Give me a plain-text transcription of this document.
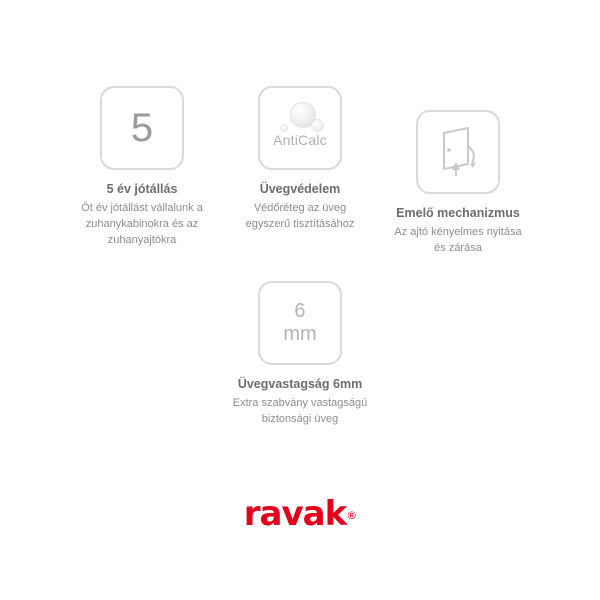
5
5 év jótállás
Öt év jótállást vállalunk a zuhanykabinokra és az zuhanyajtókra
AntiCalc
Üvegvédelem
Védőréteg az üveg egyszerű tisztításához
Emelő mechanizmus
Az ajtó kényelmes nyitása és zárása
6
mm
Üvegvastagság 6mm
Extra szabvány vastagságú biztonsági üveg
ravak®
